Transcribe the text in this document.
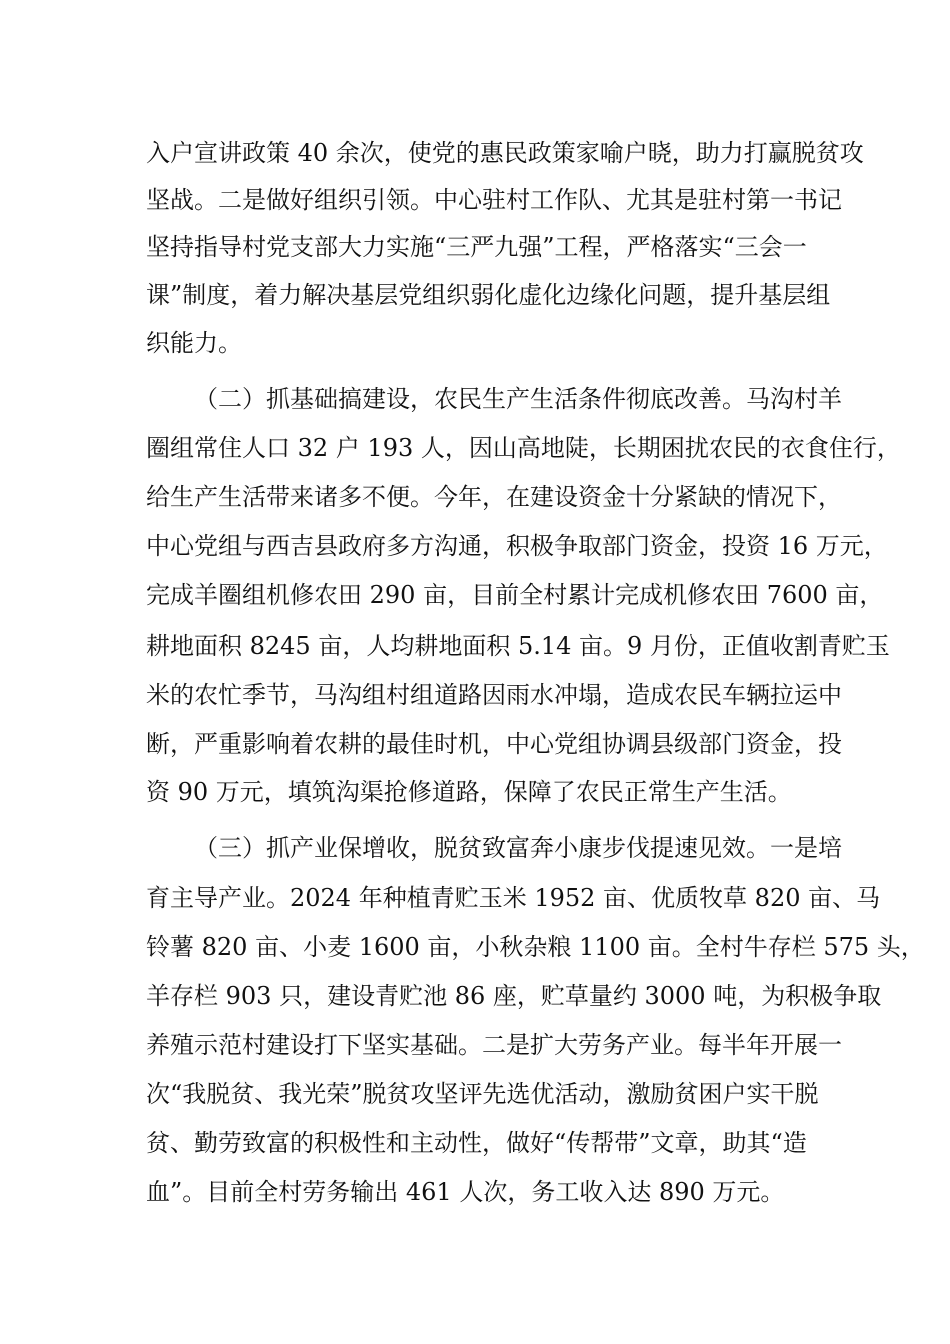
入户宣讲政策 40 余次，使党的惠民政策家喻户晓，助力打赢脱贫攻
坚战。二是做好组织引领。中心驻村工作队、尤其是驻村第一书记
坚持指导村党支部大力实施“三严九强”工程，严格落实“三会一
课”制度，着力解决基层党组织弱化虚化边缘化问题，提升基层组
织能力。
（二）抓基础搞建设，农民生产生活条件彻底改善。马沟村羊
圈组常住人口 32 户 193 人，因山高地陡，长期困扰农民的衣食住行，
给生产生活带来诸多不便。今年，在建设资金十分紧缺的情况下，
中心党组与西吉县政府多方沟通，积极争取部门资金，投资 16 万元，
完成羊圈组机修农田 290 亩，目前全村累计完成机修农田 7600 亩，
耕地面积 8245 亩，人均耕地面积 5.14 亩。9 月份，正值收割青贮玉
米的农忙季节，马沟组村组道路因雨水冲塌，造成农民车辆拉运中
断，严重影响着农耕的最佳时机，中心党组协调县级部门资金，投
资 90 万元，填筑沟渠抢修道路，保障了农民正常生产生活。
（三）抓产业保增收，脱贫致富奔小康步伐提速见效。一是培
育主导产业。2024 年种植青贮玉米 1952 亩、优质牧草 820 亩、马
铃薯 820 亩、小麦 1600 亩，小秋杂粮 1100 亩。全村牛存栏 575 头，
羊存栏 903 只，建设青贮池 86 座，贮草量约 3000 吨，为积极争取
养殖示范村建设打下坚实基础。二是扩大劳务产业。每半年开展一
次“我脱贫、我光荣”脱贫攻坚评先选优活动，激励贫困户实干脱
贫、勤劳致富的积极性和主动性，做好“传帮带”文章，助其“造
血”。目前全村劳务输出 461 人次，务工收入达 890 万元。
